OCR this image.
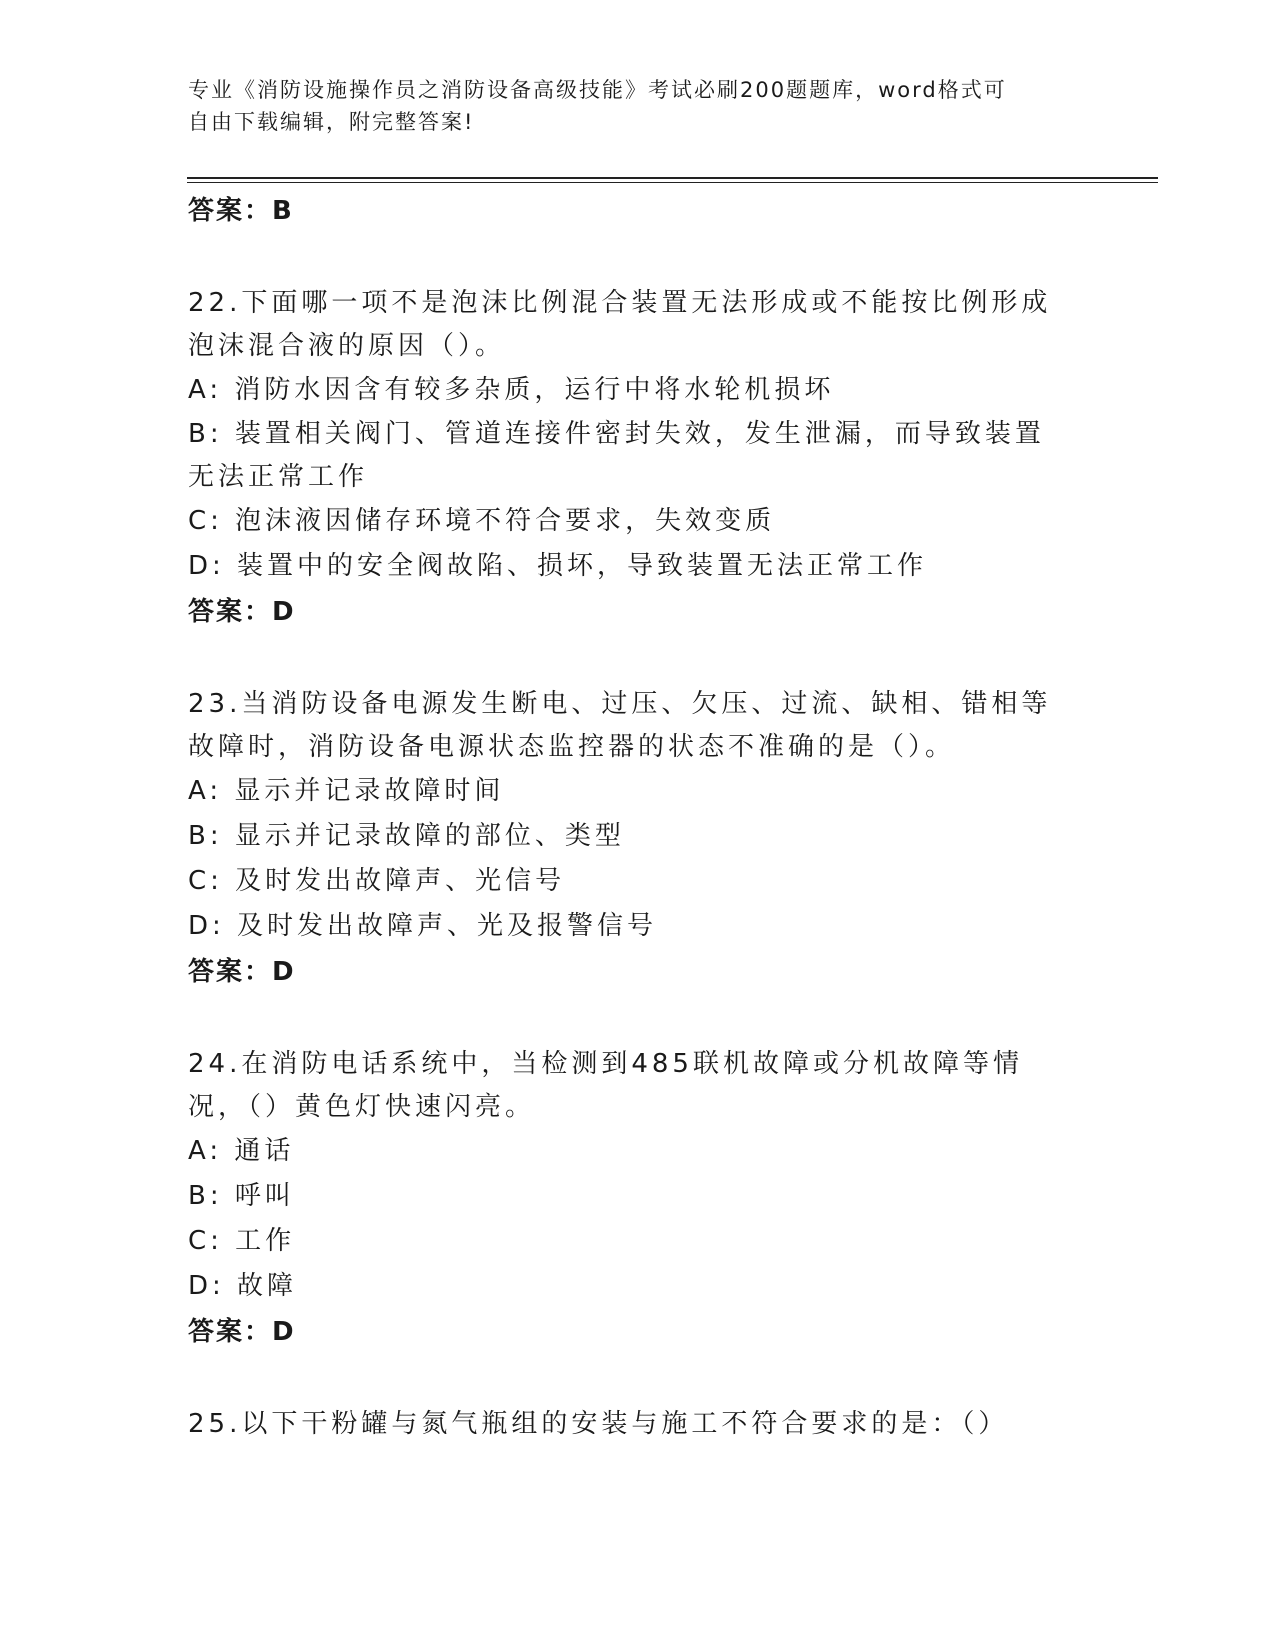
专业《消防设施操作员之消防设备高级技能》考试必刷200题题库，word格式可
自由下载编辑，附完整答案!
答案：B
22.下面哪一项不是泡沫比例混合装置无法形成或不能按比例形成泡沫混合液的原因（）。
A: 消防水因含有较多杂质，运行中将水轮机损坏
B: 装置相关阀门、管道连接件密封失效，发生泄漏，而导致装置无法正常工作
C: 泡沫液因储存环境不符合要求，失效变质
D: 装置中的安全阀故陷、损坏，导致装置无法正常工作
答案：D
23.当消防设备电源发生断电、过压、欠压、过流、缺相、错相等故障时，消防设备电源状态监控器的状态不准确的是（）。
A: 显示并记录故障时间
B: 显示并记录故障的部位、类型
C: 及时发出故障声、光信号
D: 及时发出故障声、光及报警信号
答案：D
24.在消防电话系统中，当检测到485联机故障或分机故障等情况，（）黄色灯快速闪亮。
A: 通话
B: 呼叫
C: 工作
D: 故障
答案：D
25.以下干粉罐与氮气瓶组的安装与施工不符合要求的是：（）
